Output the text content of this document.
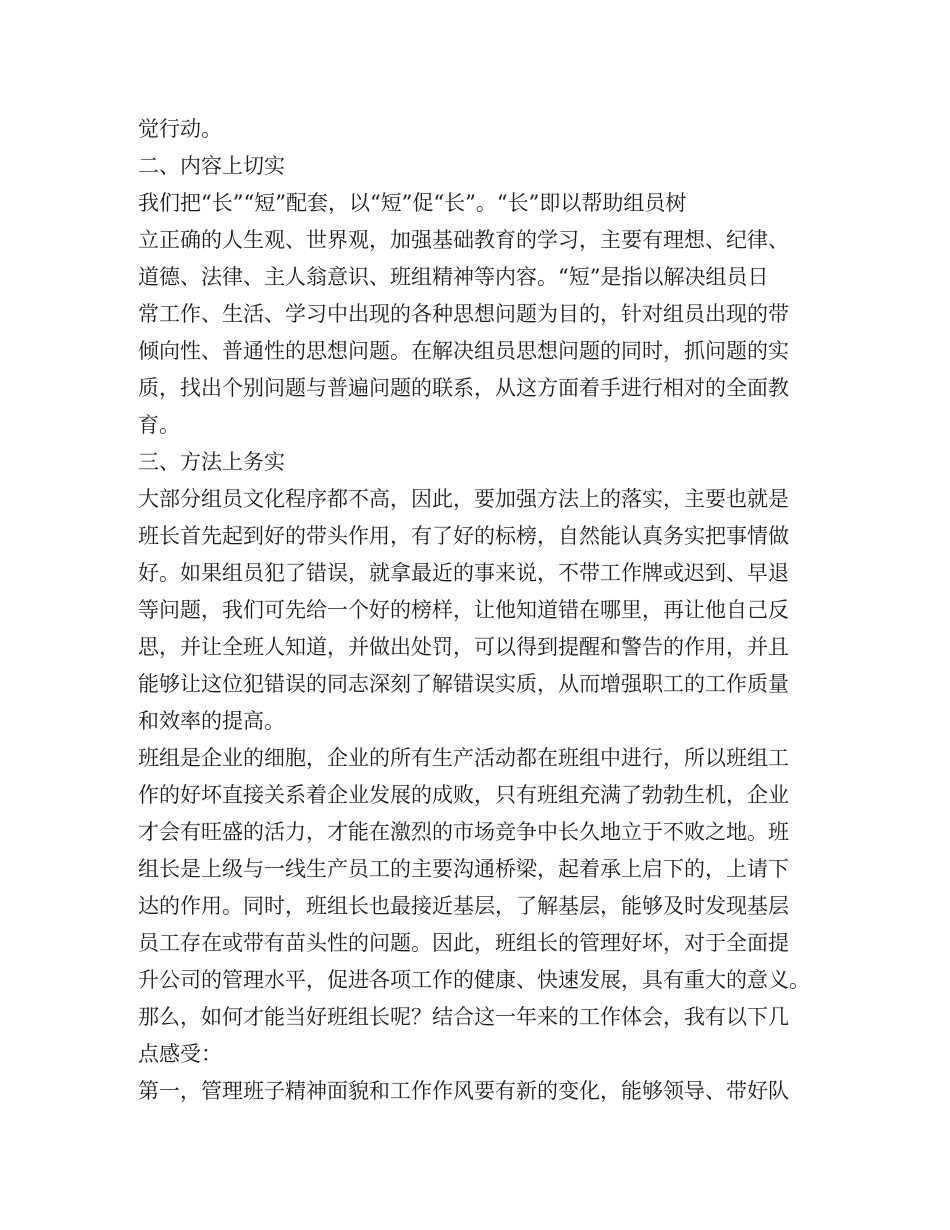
觉行动。
二、内容上切实
我们把“长”“短”配套，以“短”促“长”。“长”即以帮助组员树
立正确的人生观、世界观，加强基础教育的学习，主要有理想、纪律、
道德、法律、主人翁意识、班组精神等内容。“短”是指以解决组员日
常工作、生活、学习中出现的各种思想问题为目的，针对组员出现的带
倾向性、普通性的思想问题。在解决组员思想问题的同时，抓问题的实
质，找出个别问题与普遍问题的联系，从这方面着手进行相对的全面教
育。
三、方法上务实
大部分组员文化程序都不高，因此，要加强方法上的落实，主要也就是
班长首先起到好的带头作用，有了好的标榜，自然能认真务实把事情做
好。如果组员犯了错误，就拿最近的事来说，不带工作牌或迟到、早退
等问题，我们可先给一个好的榜样，让他知道错在哪里，再让他自己反
思，并让全班人知道，并做出处罚，可以得到提醒和警告的作用，并且
能够让这位犯错误的同志深刻了解错误实质，从而增强职工的工作质量
和效率的提高。
班组是企业的细胞，企业的所有生产活动都在班组中进行，所以班组工
作的好坏直接关系着企业发展的成败，只有班组充满了勃勃生机，企业
才会有旺盛的活力，才能在激烈的市场竞争中长久地立于不败之地。班
组长是上级与一线生产员工的主要沟通桥梁，起着承上启下的，上请下
达的作用。同时，班组长也最接近基层，了解基层，能够及时发现基层
员工存在或带有苗头性的问题。因此，班组长的管理好坏，对于全面提
升公司的管理水平，促进各项工作的健康、快速发展，具有重大的意义。
那么，如何才能当好班组长呢？结合这一年来的工作体会，我有以下几
点感受：
第一，管理班子精神面貌和工作作风要有新的变化，能够领导、带好队
